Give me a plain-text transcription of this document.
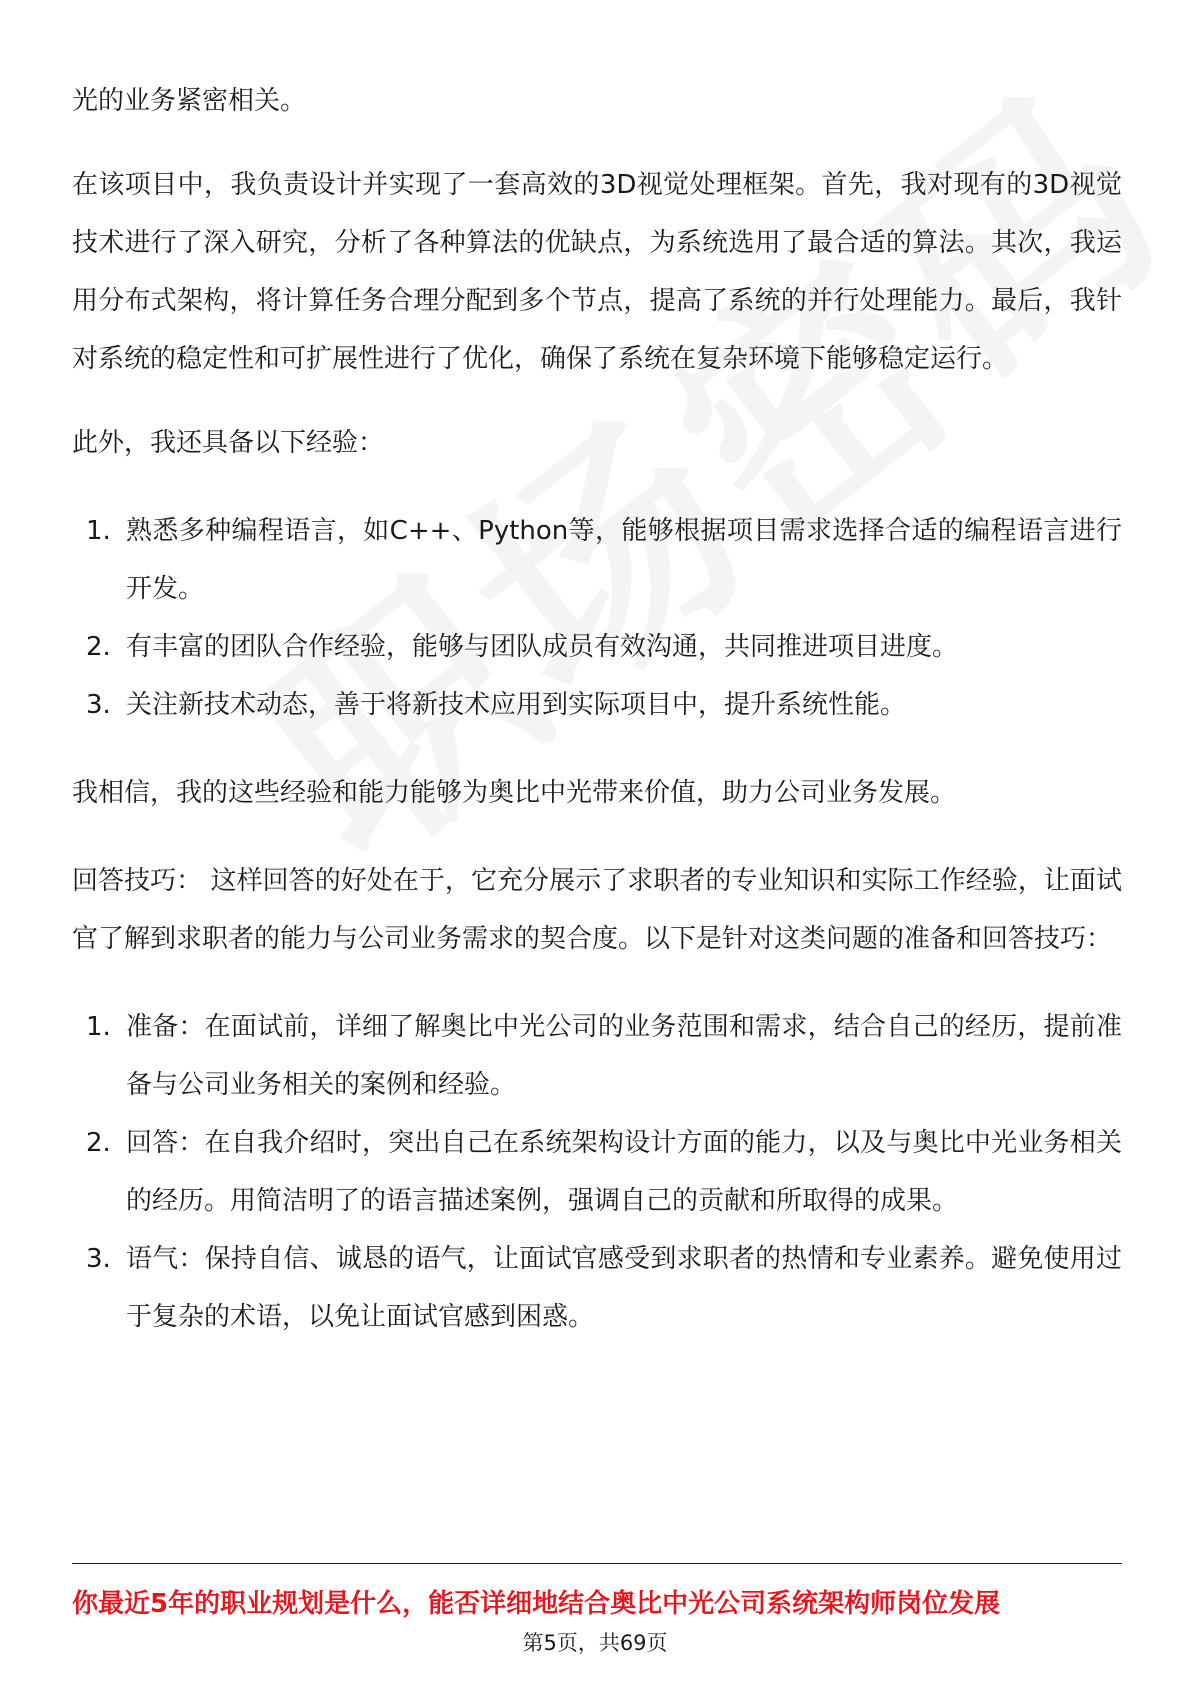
光的业务紧密相关。

在该项目中，我负责设计并实现了一套高效的3D视觉处理框架。首先，我对现有的3D视觉技术进行了深入研究，分析了各种算法的优缺点，为系统选用了最合适的算法。其次，我运用分布式架构，将计算任务合理分配到多个节点，提高了系统的并行处理能力。最后，我针对系统的稳定性和可扩展性进行了优化，确保了系统在复杂环境下能够稳定运行。

此外，我还具备以下经验：

1. 熟悉多种编程语言，如C++、Python等，能够根据项目需求选择合适的编程语言进行开发。
2. 有丰富的团队合作经验，能够与团队成员有效沟通，共同推进项目进度。
3. 关注新技术动态，善于将新技术应用到实际项目中，提升系统性能。

我相信，我的这些经验和能力能够为奥比中光带来价值，助力公司业务发展。

回答技巧： 这样回答的好处在于，它充分展示了求职者的专业知识和实际工作经验，让面试官了解到求职者的能力与公司业务需求的契合度。以下是针对这类问题的准备和回答技巧：

1. 准备：在面试前，详细了解奥比中光公司的业务范围和需求，结合自己的经历，提前准备与公司业务相关的案例和经验。
2. 回答：在自我介绍时，突出自己在系统架构设计方面的能力，以及与奥比中光业务相关的经历。用简洁明了的语言描述案例，强调自己的贡献和所取得的成果。
3. 语气：保持自信、诚恳的语气，让面试官感受到求职者的热情和专业素养。避免使用过于复杂的术语，以免让面试官感到困惑。
你最近5年的职业规划是什么，能否详细地结合奥比中光公司系统架构师岗位发展
第5页，共69页
